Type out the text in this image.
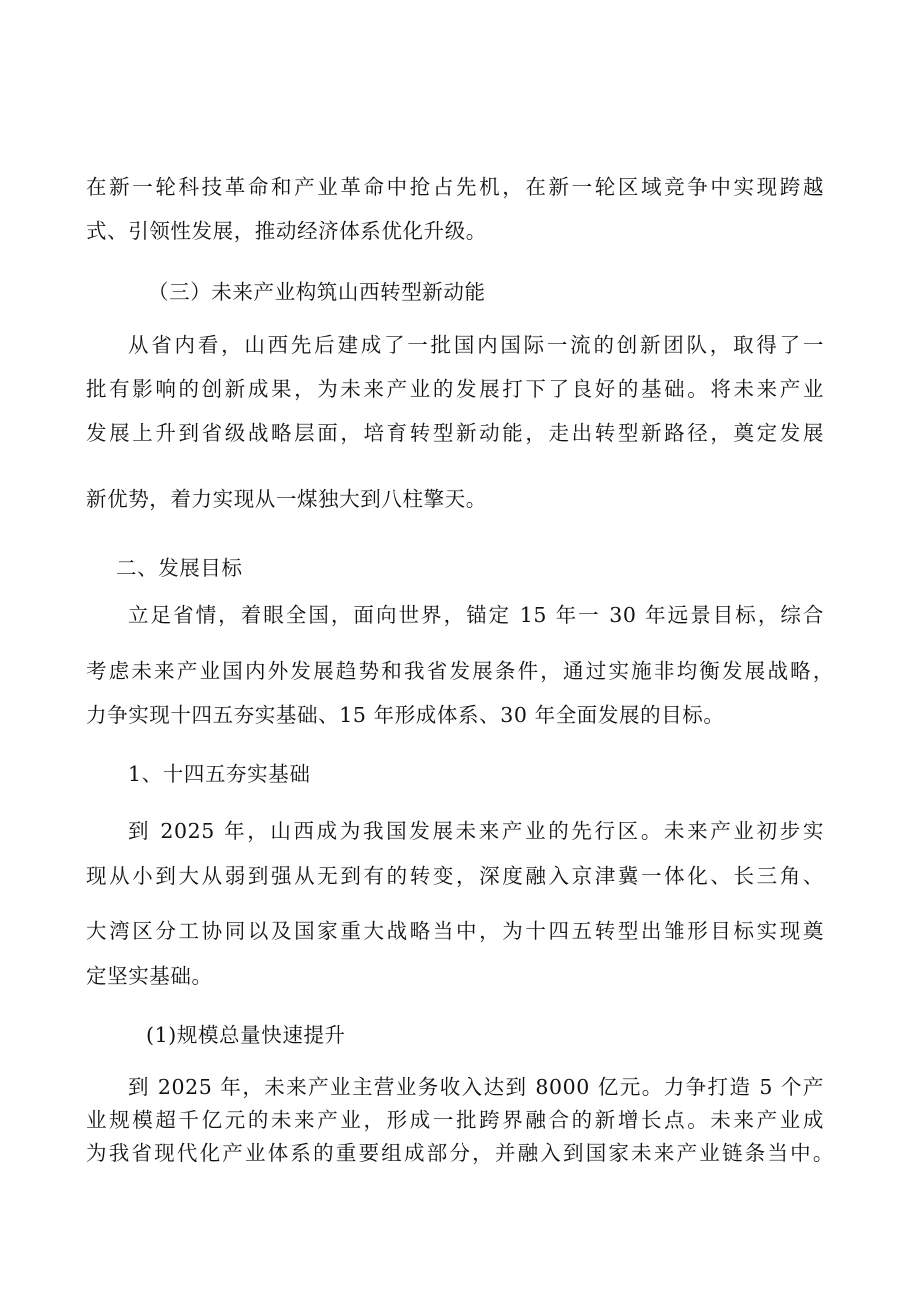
在新一轮科技革命和产业革命中抢占先机，在新一轮区域竞争中实现跨越
式、引领性发展，推动经济体系优化升级。
（三）未来产业构筑山西转型新动能
从省内看，山西先后建成了一批国内国际一流的创新团队，取得了一
批有影响的创新成果，为未来产业的发展打下了良好的基础。将未来产业
发展上升到省级战略层面，培育转型新动能，走出转型新路径，奠定发展
新优势，着力实现从一煤独大到八柱擎天。
二、发展目标
立足省情，着眼全国，面向世界，锚定 15 年一 30 年远景目标，综合
考虑未来产业国内外发展趋势和我省发展条件，通过实施非均衡发展战略，
力争实现十四五夯实基础、15 年形成体系、30 年全面发展的目标。
1、十四五夯实基础
到 2025 年，山西成为我国发展未来产业的先行区。未来产业初步实
现从小到大从弱到强从无到有的转变，深度融入京津冀一体化、长三角、
大湾区分工协同以及国家重大战略当中，为十四五转型出雏形目标实现奠
定坚实基础。
(1)规模总量快速提升
到 2025 年，未来产业主营业务收入达到 8000 亿元。力争打造 5 个产
业规模超千亿元的未来产业，形成一批跨界融合的新增长点。未来产业成
为我省现代化产业体系的重要组成部分，并融入到国家未来产业链条当中。
